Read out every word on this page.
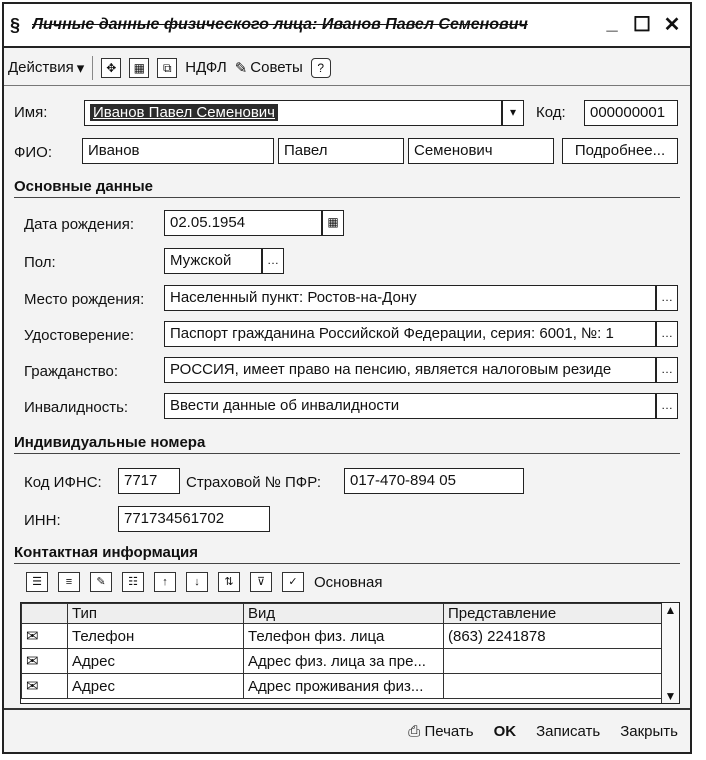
§ Личные данные физического лица: Иванов Павел Семенович	_ ☐ ✕
Действия ▾	✥	▦	⧉ НДФЛ ✎ Советы	?
Имя:	Иванов Павел Семенович	▾	Код:	000000001
ФИО:	Иванов	Павел	Семенович	Подробнее...
Основные данные
Дата рождения:	02.05.1954	▦
Пол:	Мужской	…
Место рождения:	Населенный пункт: Ростов-на-Дону	…
Удостоверение:	Паспорт гражданина Российской Федерации, серия: 6001, №: 1	…
Гражданство:	РОССИЯ, имеет право на пенсию, является налоговым резиде	…
Инвалидность:	Ввести данные об инвалидности	…
Индивидуальные номера
Код ИФНС:	7717	Страховой № ПФР:	017-470-894 05
ИНН:	771734561702
Контактная информация
☰	≡	✎	☷	↑	↓	⇅	⊽	✓	Основная
	Тип	Вид	Представление
✉	Телефон	Телефон физ. лица	(863) 2241878
✉	Адрес	Адрес физ. лица за пре...	
✉	Адрес	Адрес проживания физ...	
▲
▼
⎙ Печать OK Записать Закрыть
